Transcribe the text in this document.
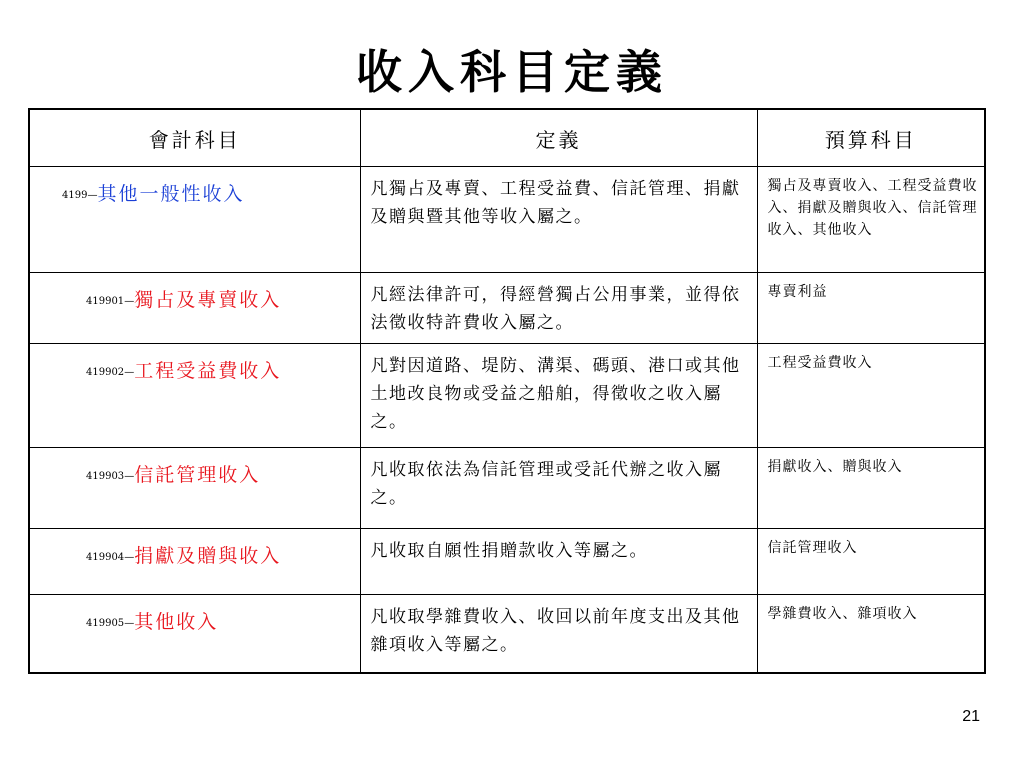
收入科目定義
會計科目	定義	預算科目
4199—其他一般性收入	凡獨占及專賣、工程受益費、信託管理、捐獻及贈與暨其他等收入屬之。	獨占及專賣收入、工程受益費收入、捐獻及贈與收入、信託管理收入、其他收入
419901—獨占及專賣收入	凡經法律許可，得經營獨占公用事業，並得依法徵收特許費收入屬之。	專賣利益
419902—工程受益費收入	凡對因道路、堤防、溝渠、碼頭、港口或其他土地改良物或受益之船舶，得徵收之收入屬之。	工程受益費收入
419903—信託管理收入	凡收取依法為信託管理或受託代辦之收入屬之。	捐獻收入、贈與收入
419904—捐獻及贈與收入	凡收取自願性捐贈款收入等屬之。	信託管理收入
419905—其他收入	凡收取學雜費收入、收回以前年度支出及其他雜項收入等屬之。	學雜費收入、雜項收入
21
